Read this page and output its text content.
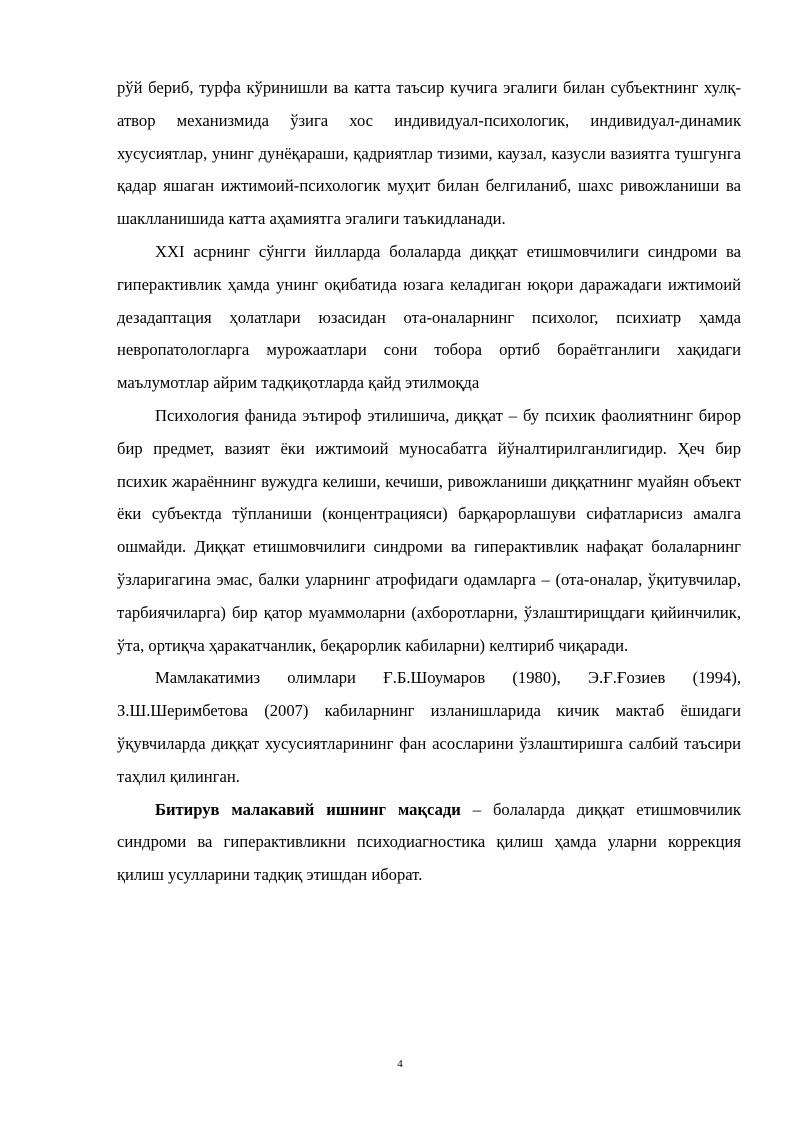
рўй бериб, турфа кўринишли ва катта таъсир кучига эгалиги билан субъектнинг хулқ-атвор механизмида ўзига хос индивидуал-психологик, индивидуал-динамик хусусиятлар, унинг дунёқараши, қадриятлар тизими, каузал, казусли вазиятга тушгунга қадар яшаган ижтимоий-психологик муҳит билан белгиланиб, шахс ривожланиши ва шаклланишида катта аҳамиятга эгалиги таъкидланади.

XXI асрнинг сўнгги йилларда болаларда диққат етишмовчилиги синдроми ва гиперактивлик ҳамда унинг оқибатида юзага келадиган юқори даражадаги ижтимоий дезадаптация ҳолатлари юзасидан ота-оналарнинг психолог, психиатр ҳамда невропатологларга мурожаатлари сони тобора ортиб бораётганлиги хақидаги маълумотлар айрим тадқиқотларда қайд этилмоқда

Психология фанида эътироф этилишича, диққат – бу психик фаолиятнинг бирор бир предмет, вазият ёки ижтимоий муносабатга йўналтирилганлигидир. Ҳеч бир психик жараённинг вужудга келиши, кечиши, ривожланиши диққатнинг муайян объект ёки субъектда тўпланиши (концентрацияси) барқарорлашуви сифатларисиз амалга ошмайди. Диққат етишмовчилиги синдроми ва гиперактивлик нафақат болаларнинг ўзларигагина эмас, балки уларнинг атрофидаги одамларга – (ота-оналар, ўқитувчилар, тарбиячиларга) бир қатор муаммоларни (ахборотларни, ўзлаштирищдаги қийинчилик, ўта, ортиқча ҳаракатчанлик, беқарорлик кабиларни) келтириб чиқаради.

Мамлакатимиз олимлари Ғ.Б.Шоумаров (1980), Э.Ғ.Ғозиев (1994), З.Ш.Шеримбетова (2007) кабиларнинг изланишларида кичик мактаб ёшидаги ўқувчиларда диққат хусусиятларининг фан асосларини ўзлаштиришга салбий таъсири таҳлил қилинган.

Битирув малакавий ишнинг мақсади – болаларда диққат етишмовчилик синдроми ва гиперактивликни психодиагностика қилиш ҳамда уларни коррекция қилиш усулларини тадқиқ этишдан иборат.

4
